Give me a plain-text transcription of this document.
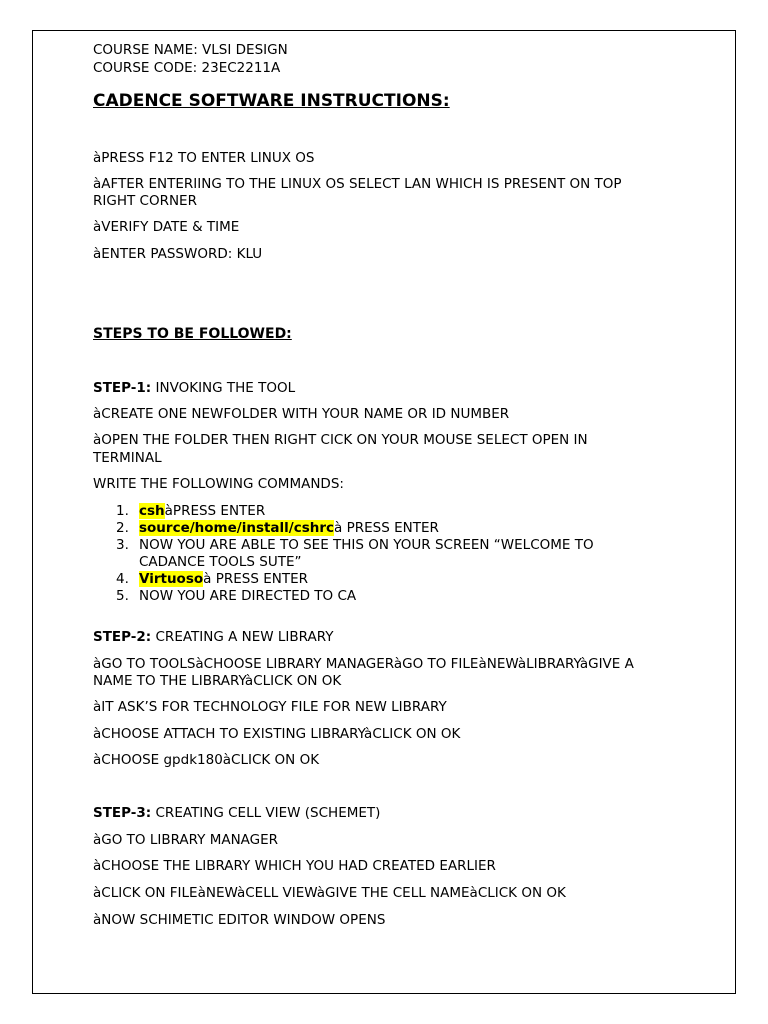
COURSE NAME: VLSI DESIGN
COURSE CODE: 23EC2211A
CADENCE SOFTWARE INSTRUCTIONS:
àPRESS F12 TO ENTER LINUX OS
àAFTER ENTERIING TO THE LINUX OS SELECT LAN WHICH IS PRESENT ON TOP
RIGHT CORNER
àVERIFY DATE & TIME
àENTER PASSWORD: KLU
STEPS TO BE FOLLOWED:
STEP-1: INVOKING THE TOOL
àCREATE ONE NEWFOLDER WITH YOUR NAME OR ID NUMBER
àOPEN THE FOLDER THEN RIGHT CICK ON YOUR MOUSE SELECT OPEN IN
TERMINAL
WRITE THE FOLLOWING COMMANDS:
1. cshàPRESS ENTER
2. source/home/install/cshrcà PRESS ENTER
3. NOW YOU ARE ABLE TO SEE THIS ON YOUR SCREEN “WELCOME TO
CADANCE TOOLS SUTE”
4. Virtuosoà PRESS ENTER
5. NOW YOU ARE DIRECTED TO CA
STEP-2: CREATING A NEW LIBRARY
àGO TO TOOLSàCHOOSE LIBRARY MANAGERàGO TO FILEàNEWàLIBRARYàGIVE A
NAME TO THE LIBRARYàCLICK ON OK
àIT ASK’S FOR TECHNOLOGY FILE FOR NEW LIBRARY
àCHOOSE ATTACH TO EXISTING LIBRARYàCLICK ON OK
àCHOOSE gpdk180àCLICK ON OK
STEP-3: CREATING CELL VIEW (SCHEMET)
àGO TO LIBRARY MANAGER
àCHOOSE THE LIBRARY WHICH YOU HAD CREATED EARLIER
àCLICK ON FILEàNEWàCELL VIEWàGIVE THE CELL NAMEàCLICK ON OK
àNOW SCHIMETIC EDITOR WINDOW OPENS
